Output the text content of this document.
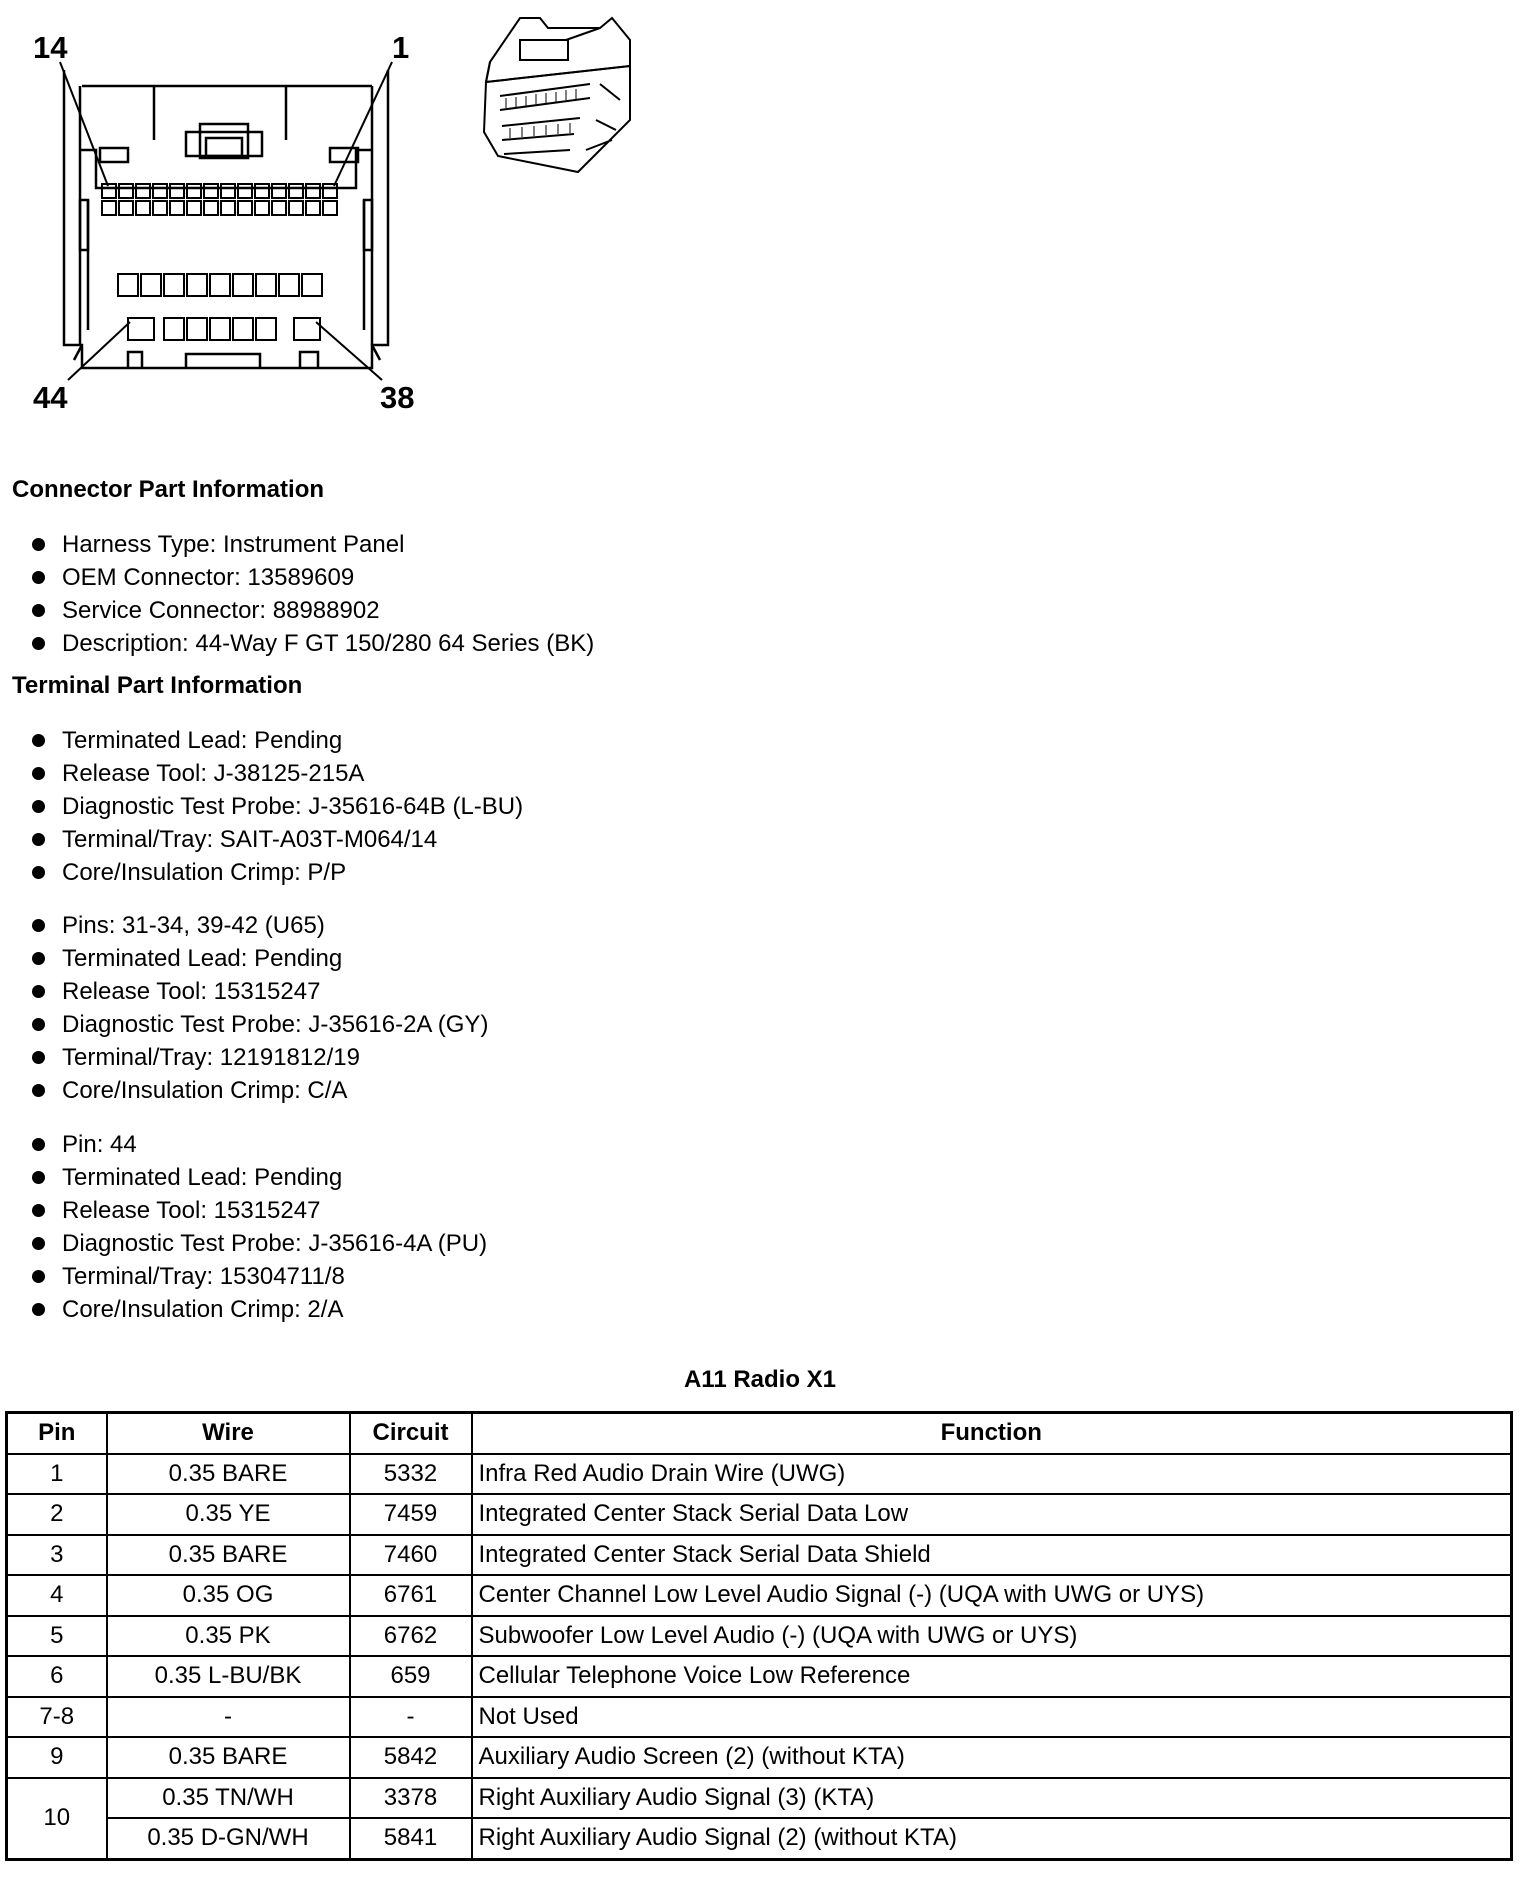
14	1
44	38
Connector Part Information
Harness Type: Instrument Panel
OEM Connector: 13589609
Service Connector: 88988902
Description: 44-Way F GT 150/280 64 Series (BK)
Terminal Part Information
Terminated Lead: Pending
Release Tool: J-38125-215A
Diagnostic Test Probe: J-35616-64B (L-BU)
Terminal/Tray: SAIT-A03T-M064/14
Core/Insulation Crimp: P/P
Pins: 31-34, 39-42 (U65)
Terminated Lead: Pending
Release Tool: 15315247
Diagnostic Test Probe: J-35616-2A (GY)
Terminal/Tray: 12191812/19
Core/Insulation Crimp: C/A
Pin: 44
Terminated Lead: Pending
Release Tool: 15315247
Diagnostic Test Probe: J-35616-4A (PU)
Terminal/Tray: 15304711/8
Core/Insulation Crimp: 2/A
A11 Radio X1
Pin	Wire	Circuit	Function
1	0.35 BARE	5332	Infra Red Audio Drain Wire (UWG)
2	0.35 YE	7459	Integrated Center Stack Serial Data Low
3	0.35 BARE	7460	Integrated Center Stack Serial Data Shield
4	0.35 OG	6761	Center Channel Low Level Audio Signal (-) (UQA with UWG or UYS)
5	0.35 PK	6762	Subwoofer Low Level Audio (-) (UQA with UWG or UYS)
6	0.35 L-BU/BK	659	Cellular Telephone Voice Low Reference
7-8	-	-	Not Used
9	0.35 BARE	5842	Auxiliary Audio Screen (2) (without KTA)
10	0.35 TN/WH	3378	Right Auxiliary Audio Signal (3) (KTA)
	0.35 D-GN/WH	5841	Right Auxiliary Audio Signal (2) (without KTA)
